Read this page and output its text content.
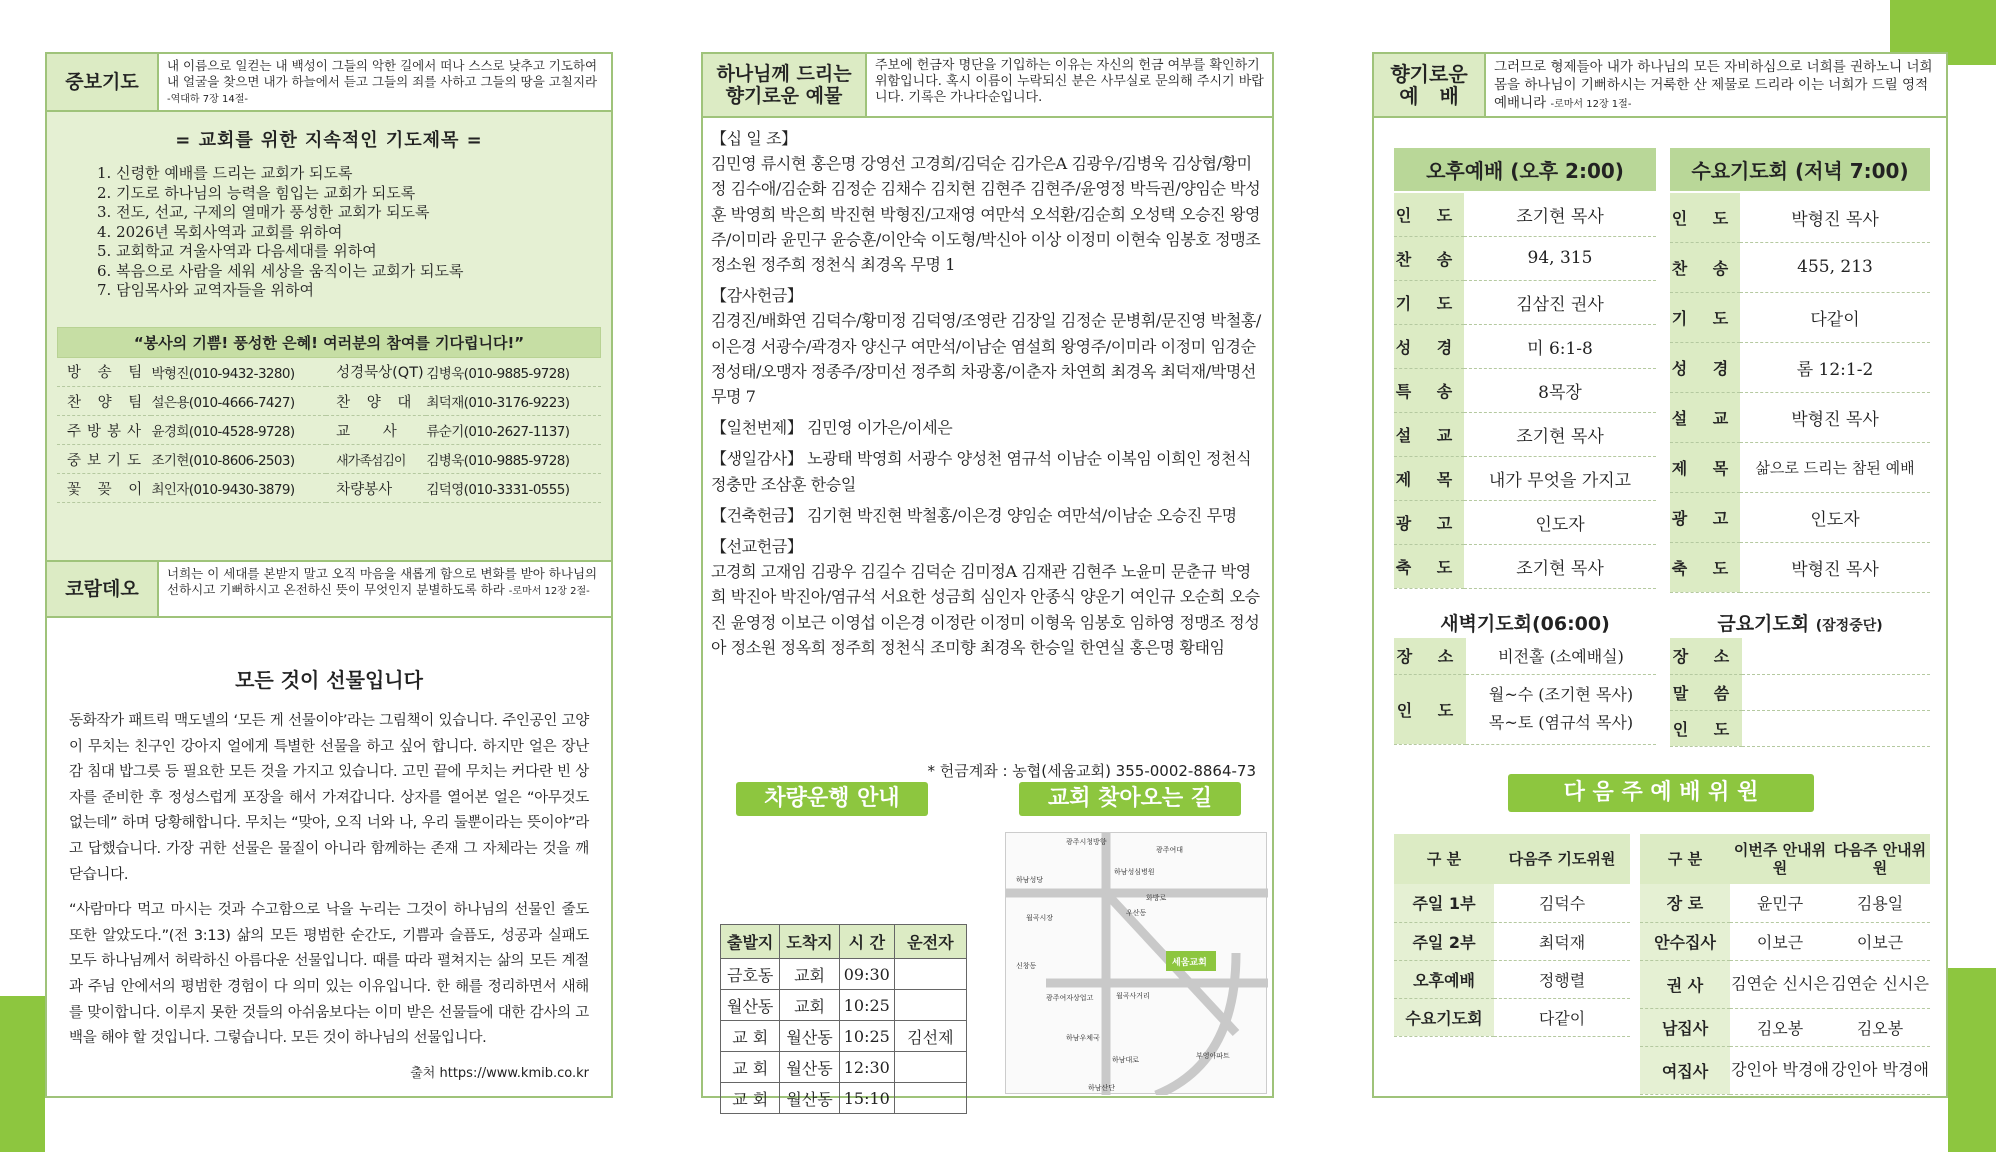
중보기도
내 이름으로 일컫는 내 백성이 그들의 악한 길에서 떠나 스스로 낮추고 기도하여 내 얼굴을 찾으면 내가 하늘에서 듣고 그들의 죄를 사하고 그들의 땅을 고칠지라 -역대하 7장 14절-
= 교회를 위한 지속적인 기도제목 =
1. 신령한 예배를 드리는 교회가 되도록
2. 기도로 하나님의 능력을 힘입는 교회가 되도록
3. 전도, 선교, 구제의 열매가 풍성한 교회가 되도록
4. 2026년 목회사역과 교회를 위하여
5. 교회학교 겨울사역과 다음세대를 위하여
6. 복음으로 사람을 세워 세상을 움직이는 교회가 되도록
7. 담임목사와 교역자들을 위하여
“봉사의 기쁨! 풍성한 은혜! 여러분의 참여를 기다립니다!”
방 송 팀	박형진(010-9432-3280)	성경묵상(QT)	김병욱(010-9885-9728)
찬 양 팀	설은용(010-4666-7427)	찬 양 대	최덕재(010-3176-9223)
주방봉사	윤경희(010-4528-9728)	교 사	류순기(010-2627-1137)
중보기도	조기현(010-8606-2503)	새가족섬김이	김병욱(010-9885-9728)
꽃 꽂 이	최인자(010-9430-3879)	차량봉사	김덕영(010-3331-0555)
코람데오
너희는 이 세대를 본받지 말고 오직 마음을 새롭게 함으로 변화를 받아 하나님의 선하시고 기뻐하시고 온전하신 뜻이 무엇인지 분별하도록 하라 -로마서 12장 2절-
모든 것이 선물입니다

동화작가 패트릭 맥도넬의 ‘모든 게 선물이야’라는 그림책이 있습니다. 주인공인 고양이 무치는 친구인 강아지 얼에게 특별한 선물을 하고 싶어 합니다. 하지만 얼은 장난감 침대 밥그릇 등 필요한 모든 것을 가지고 있습니다. 고민 끝에 무치는 커다란 빈 상자를 준비한 후 정성스럽게 포장을 해서 가져갑니다. 상자를 열어본 얼은 “아무것도 없는데” 하며 당황해합니다. 무치는 “맞아, 오직 너와 나, 우리 둘뿐이라는 뜻이야”라고 답했습니다. 가장 귀한 선물은 물질이 아니라 함께하는 존재 그 자체라는 것을 깨닫습니다.

“사람마다 먹고 마시는 것과 수고함으로 낙을 누리는 그것이 하나님의 선물인 줄도 또한 알았도다.”(전 3:13) 삶의 모든 평범한 순간도, 기쁨과 슬픔도, 성공과 실패도 모두 하나님께서 허락하신 아름다운 선물입니다. 때를 따라 펼쳐지는 삶의 모든 계절과 주님 안에서의 평범한 경험이 다 의미 있는 이유입니다. 한 해를 정리하면서 새해를 맞이합니다. 이루지 못한 것들의 아쉬움보다는 이미 받은 선물들에 대한 감사의 고백을 해야 할 것입니다. 그렇습니다. 모든 것이 하나님의 선물입니다.

출처 https://www.kmib.co.kr
하나님께 드리는
향기로운 예물
주보에 헌금자 명단을 기입하는 이유는 자신의 헌금 여부를 확인하기 위함입니다. 혹시 이름이 누락되신 분은 사무실로 문의해 주시기 바랍니다. 기록은 가나다순입니다.
【십 일 조】
김민영 류시현 홍은명 강영선 고경희/김덕순 김가은A 김광우/김병욱 김상협/황미정 김수애/김순화 김정순 김채수 김치현 김현주 김현주/윤영정 박득권/양임순 박성훈 박영희 박은희 박진현 박형진/고재영 여만석 오석환/김순희 오성택 오승진 왕영주/이미라 윤민구 윤승훈/이안숙 이도형/박신아 이상 이정미 이현숙 임봉호 정맹조 정소원 정주희 정천식 최경옥 무명 1
【감사헌금】
김경진/배화연 김덕수/황미정 김덕영/조영란 김장일 김정순 문병휘/문진영 박철홍/이은경 서광수/곽경자 양신구 여만석/이남순 염설희 왕영주/이미라 이정미 임경순 정성태/오맹자 정종주/장미선 정주희 차광홍/이춘자 차연희 최경옥 최덕재/박명선 무명 7
【일천번제】 김민영 이가은/이세은
【생일감사】 노광태 박영희 서광수 양성천 염규석 이남순 이복임 이희인 정천식 정충만 조삼훈 한승일
【건축헌금】 김기현 박진현 박철홍/이은경 양임순 여만석/이남순 오승진 무명
【선교헌금】
고경희 고재임 김광우 김길수 김덕순 김미정A 김재관 김현주 노윤미 문춘규 박영희 박진아 박진아/염규석 서요한 성금희 심인자 안종식 양운기 여인규 오순희 오승진 윤영정 이보근 이영섭 이은경 이정란 이정미 이형욱 임봉호 임하영 정맹조 정성아 정소원 정옥희 정주희 정천식 조미향 최경옥 한승일 한연실 홍은명 황태임
* 헌금계좌 : 농협(세움교회) 355-0002-8864-73
차량운행 안내	교회 찾아오는 길
출발지	도착지	시 간	운전자
금호동	교회	09:30	
월산동	교회	10:25	
교 회	월산동	10:25	김선제
교 회	월산동	12:30	
교 회	월산동	15:10	
광주시청방향
광주여대
하남성심병원
하남성당
월곡시장
우산동
신창동
하남산단
광주여자상업고
화방로
월곡사거리
하남우체국
하남대로	부영아파트
세움교회
향기로운
예   배
그러므로 형제들아 내가 하나님의 모든 자비하심으로 너희를 권하노니 너희 몸을 하나님이 기뻐하시는 거룩한 산 제물로 드리라 이는 너희가 드릴 영적 예배니라 -로마서 12장 1절-
오후예배 (오후 2:00)	
인 도	조기현 목사
찬 송	94, 315
기 도	김삼진 권사
성 경	미 6:1-8
특 송	8목장
설 교	조기현 목사
제 목	내가 무엇을 가지고
광 고	인도자
축 도	조기현 목사
수요기도회 (저녁 7:00)	
인 도	박형진 목사
찬 송	455, 213
기 도	다같이
성 경	롬 12:1-2
설 교	박형진 목사
제 목	삶으로 드리는 참된 예배
광 고	인도자
축 도	박형진 목사
새벽기도회(06:00)	
장 소	비전홀 (소예배실)
인 도	월~수 (조기현 목사)
목~토 (염규석 목사)
금요기도회 (잠정중단)	
장 소	
말 씀	
인 도	
다 음 주 예 배 위 원
구 분	다음주 기도위원
주일 1부	김덕수
주일 2부	최덕재
오후예배	정행렬
수요기도회	다같이
구 분	이번주 안내위원	다음주 안내위원
장 로	윤민구	김용일
안수집사	이보근	이보근
권 사	김연순 신시은	김연순 신시은
남집사	김오봉	김오봉
여집사	강인아 박경애	강인아 박경애
